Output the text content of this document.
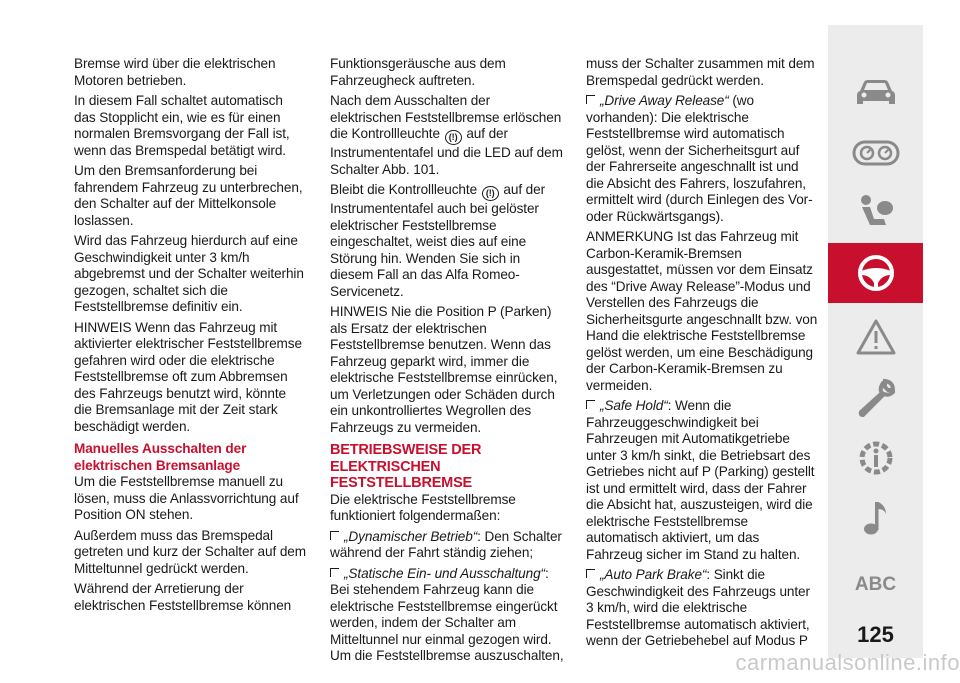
Bremse wird über die elektrischen Motoren betrieben.

In diesem Fall schaltet automatisch das Stopplicht ein, wie es für einen normalen Bremsvorgang der Fall ist, wenn das Bremspedal betätigt wird.

Um den Bremsanforderung bei fahrendem Fahrzeug zu unterbrechen, den Schalter auf der Mittelkonsole loslassen.

Wird das Fahrzeug hierdurch auf eine Geschwindigkeit unter 3 km/h abgebremst und der Schalter weiterhin gezogen, schaltet sich die Feststellbremse definitiv ein.

HINWEIS Wenn das Fahrzeug mit aktivierter elektrischer Feststellbremse gefahren wird oder die elektrische Feststellbremse oft zum Abbremsen des Fahrzeugs benutzt wird, könnte die Bremsanlage mit der Zeit stark beschädigt werden.

Manuelles Ausschalten der elektrischen Bremsanlage

Um die Feststellbremse manuell zu lösen, muss die Anlassvorrichtung auf Position ON stehen.

Außerdem muss das Bremspedal getreten und kurz der Schalter auf dem Mitteltunnel gedrückt werden.

Während der Arretierung der elektrischen Feststellbremse können

Funktionsgeräusche aus dem Fahrzeugheck auftreten.

Nach dem Ausschalten der elektrischen Feststellbremse erlöschen die Kontrollleuchte (!) auf der Instrumententafel und die LED auf dem Schalter Abb. 101.

Bleibt die Kontrollleuchte (!) auf der Instrumententafel auch bei gelöster elektrischer Feststellbremse eingeschaltet, weist dies auf eine Störung hin. Wenden Sie sich in diesem Fall an das Alfa Romeo-Servicenetz.

HINWEIS Nie die Position P (Parken) als Ersatz der elektrischen Feststellbremse benutzen. Wenn das Fahrzeug geparkt wird, immer die elektrische Feststellbremse einrücken, um Verletzungen oder Schäden durch ein unkontrolliertes Wegrollen des Fahrzeugs zu vermeiden.

BETRIEBSWEISE DER ELEKTRISCHEN FESTSTELLBREMSE

Die elektrische Feststellbremse funktioniert folgendermaßen:

„Dynamischer Betrieb“: Den Schalter während der Fahrt ständig ziehen;

„Statische Ein- und Ausschaltung“: Bei stehendem Fahrzeug kann die elektrische Feststellbremse eingerückt werden, indem der Schalter am Mitteltunnel nur einmal gezogen wird. Um die Feststellbremse auszuschalten,

muss der Schalter zusammen mit dem Bremspedal gedrückt werden.

„Drive Away Release“ (wo vorhanden): Die elektrische Feststellbremse wird automatisch gelöst, wenn der Sicherheitsgurt auf der Fahrerseite angeschnallt ist und die Absicht des Fahrers, loszufahren, ermittelt wird (durch Einlegen des Vor- oder Rückwärtsgangs).

ANMERKUNG Ist das Fahrzeug mit Carbon-Keramik-Bremsen ausgestattet, müssen vor dem Einsatz des “Drive Away Release”-Modus und Verstellen des Fahrzeugs die Sicherheitsgurte angeschnallt bzw. von Hand die elektrische Feststellbremse gelöst werden, um eine Beschädigung der Carbon-Keramik-Bremsen zu vermeiden.

„Safe Hold“: Wenn die Fahrzeuggeschwindigkeit bei Fahrzeugen mit Automatikgetriebe unter 3 km/h sinkt, die Betriebsart des Getriebes nicht auf P (Parking) gestellt ist und ermittelt wird, dass der Fahrer die Absicht hat, auszusteigen, wird die elektrische Feststellbremse automatisch aktiviert, um das Fahrzeug sicher im Stand zu halten.

„Auto Park Brake“: Sinkt die Geschwindigkeit des Fahrzeugs unter 3 km/h, wird die elektrische Feststellbremse automatisch aktiviert, wenn der Getriebehebel auf Modus P

ABC
125
carmanualsonline.info
